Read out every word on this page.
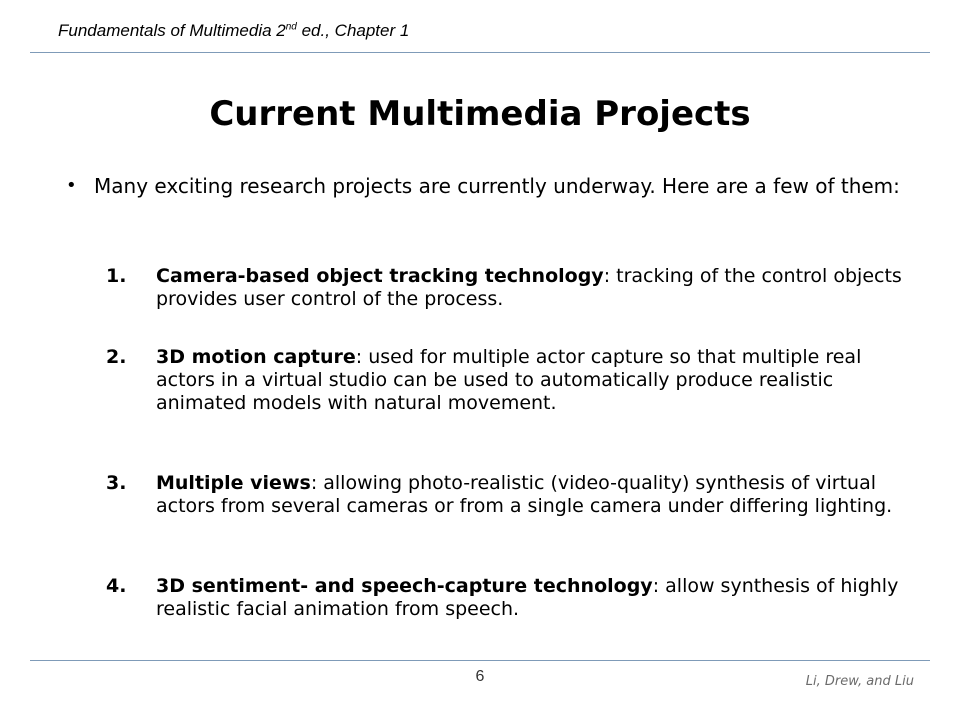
Fundamentals of Multimedia 2nd ed., Chapter 1
Current Multimedia Projects
• Many exciting research projects are currently underway. Here are a few of them:
1. Camera-based object tracking technology: tracking of the control objects provides user control of the process.
2. 3D motion capture: used for multiple actor capture so that multiple real actors in a virtual studio can be used to automatically produce realistic animated models with natural movement.
3. Multiple views: allowing photo-realistic (video-quality) synthesis of virtual actors from several cameras or from a single camera under differing lighting.
4. 3D sentiment- and speech-capture technology: allow synthesis of highly realistic facial animation from speech.
6	Li, Drew, and Liu
